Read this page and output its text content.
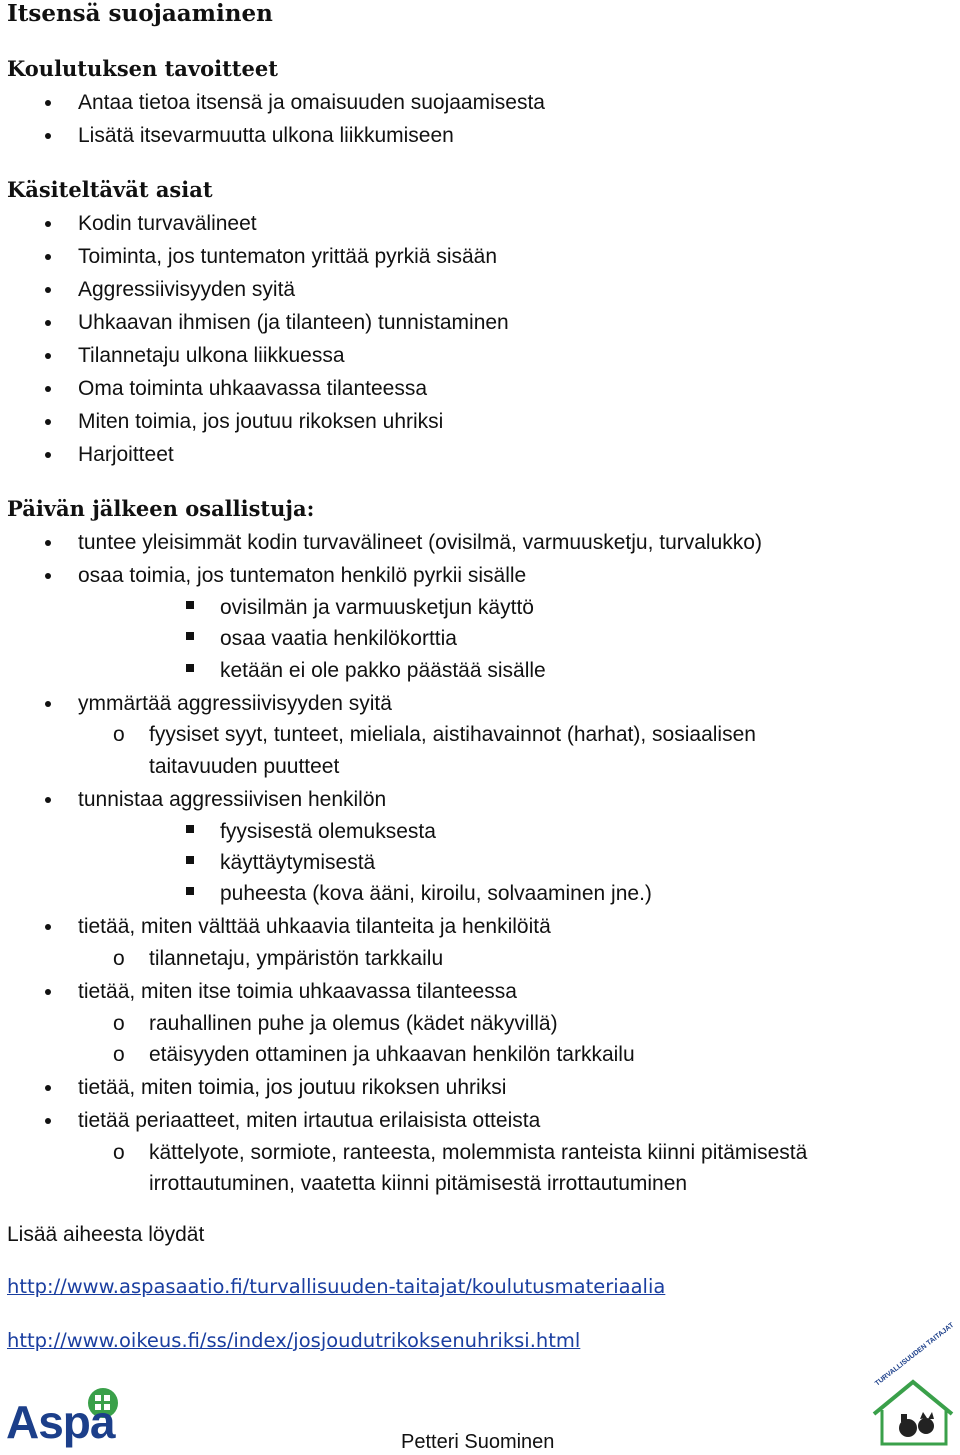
Itsensä suojaaminen
Koulutuksen tavoitteet
Antaa tietoa itsensä ja omaisuuden suojaamisesta
Lisätä itsevarmuutta ulkona liikkumiseen
Käsiteltävät asiat
Kodin turvavälineet
Toiminta, jos tuntematon yrittää pyrkiä sisään
Aggressiivisyyden syitä
Uhkaavan ihmisen (ja tilanteen) tunnistaminen
Tilannetaju ulkona liikkuessa
Oma toiminta uhkaavassa tilanteessa
Miten toimia, jos joutuu rikoksen uhriksi
Harjoitteet
Päivän jälkeen osallistuja:
tuntee yleisimmät kodin turvavälineet (ovisilmä, varmuusketju, turvalukko)
osaa toimia, jos tuntematon henkilö pyrkii sisälle
ovisilmän ja varmuusketjun käyttö
osaa vaatia henkilökorttia
ketään ei ole pakko päästää sisälle
ymmärtää aggressiivisyyden syitä
o fyysiset syyt, tunteet, mieliala, aistihavainnot (harhat), sosiaalisen
taitavuuden puutteet
tunnistaa aggressiivisen henkilön
fyysisestä olemuksesta
käyttäytymisestä
puheesta (kova ääni, kiroilu, solvaaminen jne.)
tietää, miten välttää uhkaavia tilanteita ja henkilöitä
o tilannetaju, ympäristön tarkkailu
tietää, miten itse toimia uhkaavassa tilanteessa
o rauhallinen puhe ja olemus (kädet näkyvillä)
o etäisyyden ottaminen ja uhkaavan henkilön tarkkailu
tietää, miten toimia, jos joutuu rikoksen uhriksi
tietää periaatteet, miten irtautua erilaisista otteista
o kättelyote, sormiote, ranteesta, molemmista ranteista kiinni pitämisestä
irrottautuminen, vaatetta kiinni pitämisestä irrottautuminen
Lisää aiheesta löydät
http://www.aspasaatio.fi/turvallisuuden-taitajat/koulutusmateriaalia
http://www.oikeus.fi/ss/index/josjoudutrikoksenuhriksi.html
Aspa	Petteri Suominen
TURVALLISUUDEN TAITAJAT
